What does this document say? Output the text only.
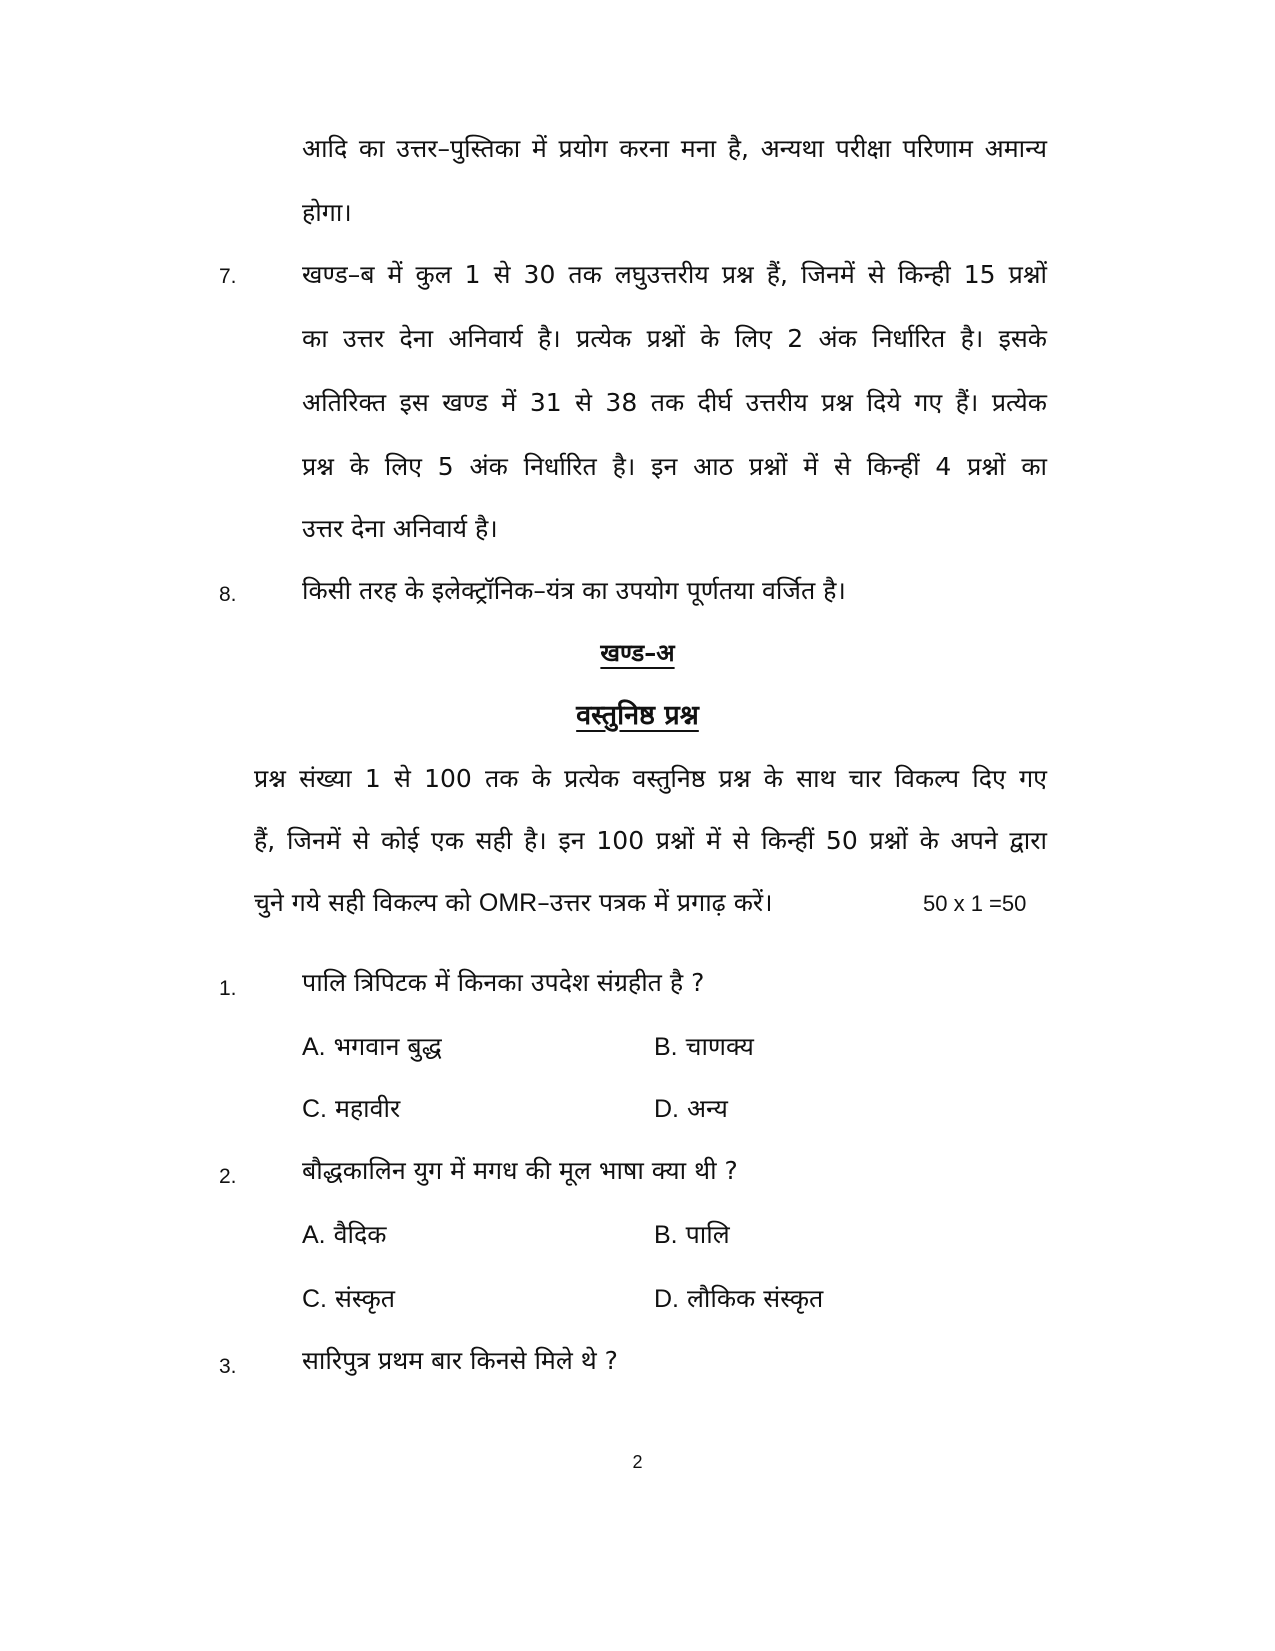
आदि का उत्तर–पुस्तिका में प्रयोग करना मना है, अन्यथा परीक्षा परिणाम अमान्य
होगा।
7.	खण्ड–ब में कुल 1 से 30 तक लघुउत्तरीय प्रश्न हैं, जिनमें से किन्ही 15 प्रश्नों
का उत्तर देना अनिवार्य है। प्रत्येक प्रश्नों के लिए 2 अंक निर्धारित है। इसके
अतिरिक्त इस खण्ड में 31 से 38 तक दीर्घ उत्तरीय प्रश्न दिये गए हैं। प्रत्येक
प्रश्न के लिए 5 अंक निर्धारित है। इन आठ प्रश्नों में से किन्हीं 4 प्रश्नों का
उत्तर देना अनिवार्य है।
8.	किसी तरह के इलेक्ट्रॉनिक–यंत्र का उपयोग पूर्णतया वर्जित है।
खण्ड–अ
वस्तुनिष्ठ प्रश्न
प्रश्न संख्या 1 से 100 तक के प्रत्येक वस्तुनिष्ठ प्रश्न के साथ चार विकल्प दिए गए
हैं, जिनमें से कोई एक सही है। इन 100 प्रश्नों में से किन्हीं 50 प्रश्नों के अपने द्वारा
चुने गये सही विकल्प को OMR–उत्तर पत्रक में प्रगाढ़ करें।	50 x 1 =50
1.	पालि त्रिपिटक में किनका उपदेश संग्रहीत है ?
A. भगवान बुद्ध	B. चाणक्य
C. महावीर	D. अन्य
2.	बौद्धकालिन युग में मगध की मूल भाषा क्या थी ?
A. वैदिक	B. पालि
C. संस्कृत	D. लौकिक संस्कृत
3.	सारिपुत्र प्रथम बार किनसे मिले थे ?
2
